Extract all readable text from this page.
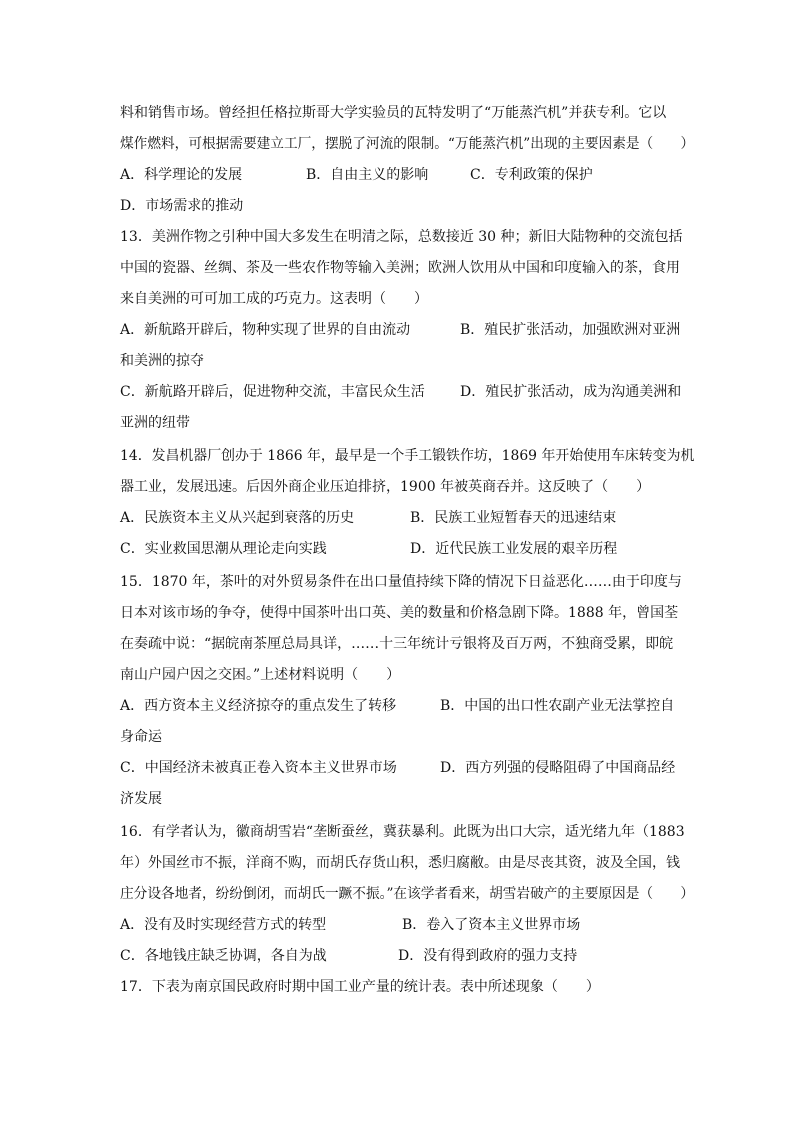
料和销售市场。曾经担任格拉斯哥大学实验员的瓦特发明了“万能蒸汽机”并获专利。它以
煤作燃料，可根据需要建立工厂，摆脱了河流的限制。“万能蒸汽机”出现的主要因素是（　　）
A．科学理论的发展	B．自由主义的影响	C．专利政策的保护
D．市场需求的推动
13．美洲作物之引种中国大多发生在明清之际，总数接近 30 种；新旧大陆物种的交流包括
中国的瓷器、丝绸、茶及一些农作物等输入美洲；欧洲人饮用从中国和印度输入的茶，食用
来自美洲的可可加工成的巧克力。这表明（　　）
A．新航路开辟后，物种实现了世界的自由流动	B．殖民扩张活动，加强欧洲对亚洲
和美洲的掠夺
C．新航路开辟后，促进物种交流，丰富民众生活	D．殖民扩张活动，成为沟通美洲和
亚洲的纽带
14．发昌机器厂创办于 1866 年，最早是一个手工锻铁作坊，1869 年开始使用车床转变为机
器工业，发展迅速。后因外商企业压迫排挤，1900 年被英商吞并。这反映了（　　）
A．民族资本主义从兴起到衰落的历史	B．民族工业短暂春天的迅速结束
C．实业救国思潮从理论走向实践	D．近代民族工业发展的艰辛历程
15．1870 年，茶叶的对外贸易条件在出口量值持续下降的情况下日益恶化……由于印度与
日本对该市场的争夺，使得中国茶叶出口英、美的数量和价格急剧下降。1888 年，曾国荃
在奏疏中说：“据皖南茶厘总局具详，……十三年统计亏银将及百万两，不独商受累，即皖
南山户园户因之交困。”上述材料说明（　　）
A．西方资本主义经济掠夺的重点发生了转移	B．中国的出口性农副产业无法掌控自
身命运
C．中国经济未被真正卷入资本主义世界市场	D．西方列强的侵略阻碍了中国商品经
济发展
16．有学者认为，徽商胡雪岩“垄断蚕丝，冀获暴利。此既为出口大宗，适光绪九年（1883
年）外国丝市不振，洋商不购，而胡氏存货山积，悉归腐敝。由是尽丧其资，波及全国，钱
庄分设各地者，纷纷倒闭，而胡氏一蹶不振。”在该学者看来，胡雪岩破产的主要原因是（　　）
A．没有及时实现经营方式的转型	B．卷入了资本主义世界市场
C．各地钱庄缺乏协调，各自为战	D．没有得到政府的强力支持
17．下表为南京国民政府时期中国工业产量的统计表。表中所述现象（　　）
